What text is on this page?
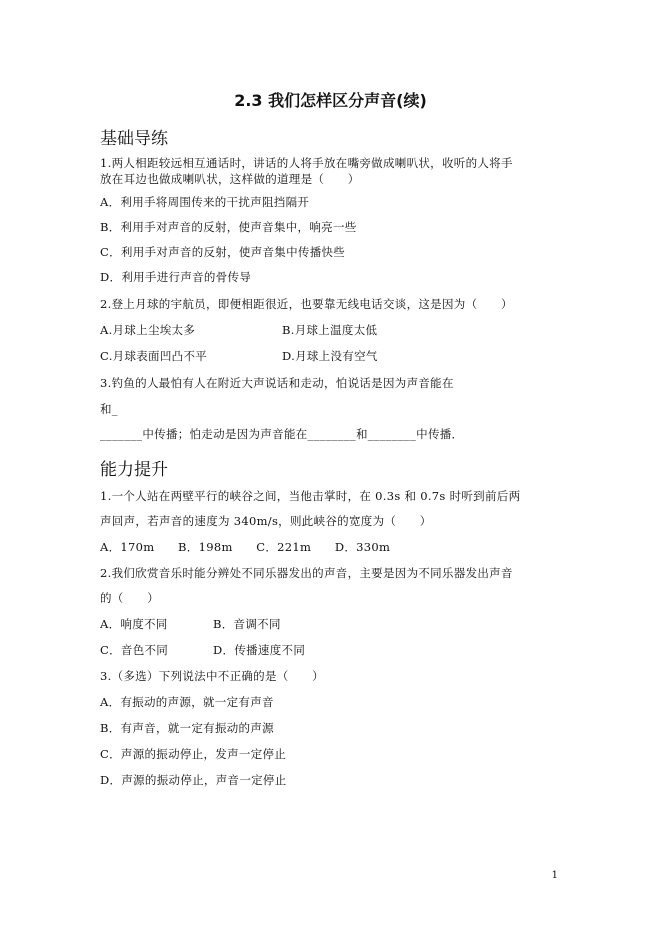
2.3 我们怎样区分声音(续)
基础导练
1.两人相距较远相互通话时，讲话的人将手放在嘴旁做成喇叭状，收听的人将手
放在耳边也做成喇叭状，这样做的道理是（　　）
A．利用手将周围传来的干扰声阻挡隔开
B．利用手对声音的反射，使声音集中，响亮一些
C．利用手对声音的反射，使声音集中传播快些
D．利用手进行声音的骨传导
2.登上月球的宇航员，即便相距很近，也要靠无线电话交谈，这是因为（　　）
A.月球上尘埃太多	B.月球上温度太低
C.月球表面凹凸不平	D.月球上没有空气
3.钓鱼的人最怕有人在附近大声说话和走动，怕说话是因为声音能在
和_
_______中传播；怕走动是因为声音能在________和________中传播．
能力提升
1.一个人站在两壁平行的峡谷之间，当他击掌时，在 0.3s 和 0.7s 时听到前后两
声回声，若声音的速度为 340m/s，则此峡谷的宽度为（　　）
A．170m　　B．198m　　C．221m　　D．330m
2.我们欣赏音乐时能分辨处不同乐器发出的声音，主要是因为不同乐器发出声音
的（　　）
A．响度不同	B．音调不同
C．音色不同	D．传播速度不同
3.（多选）下列说法中不正确的是（　　）
A．有振动的声源，就一定有声音
B．有声音，就一定有振动的声源
C．声源的振动停止，发声一定停止
D．声源的振动停止，声音一定停止
1
